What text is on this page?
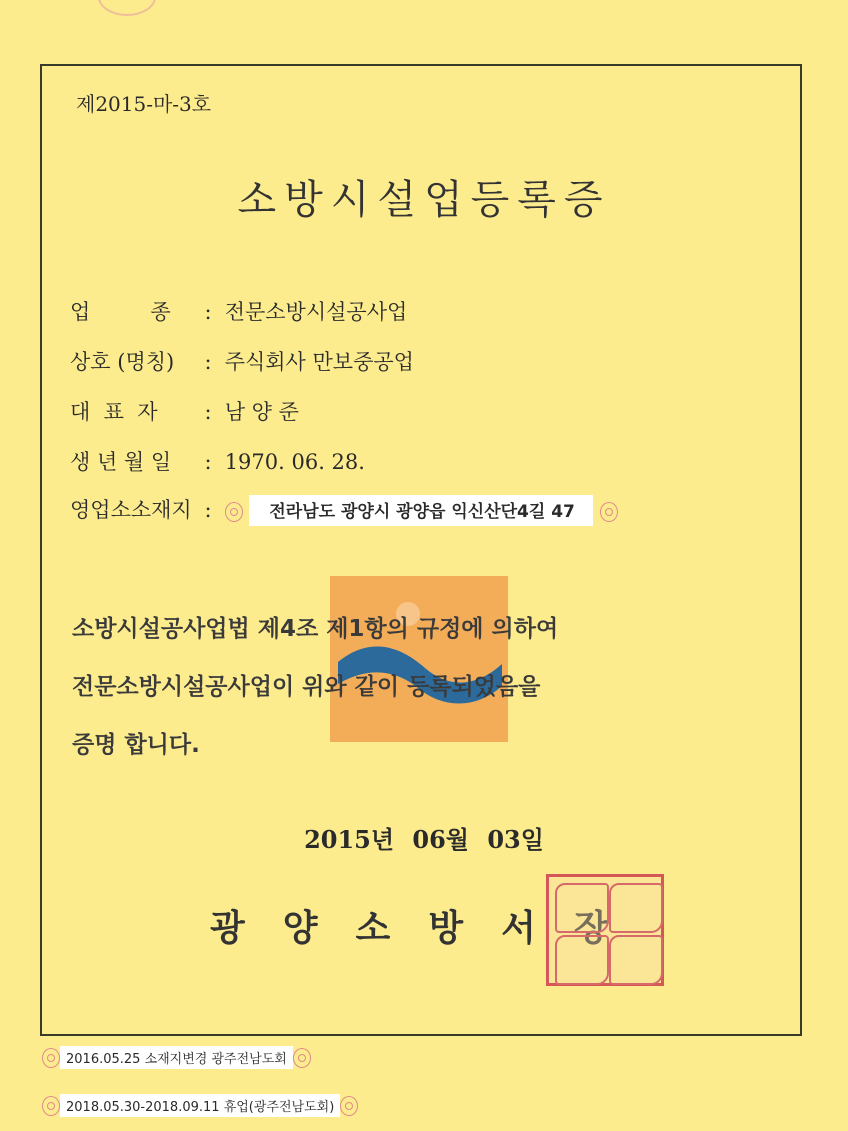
제2015-마-3호
소방시설업등록증
업         종 : 전문소방시설공사업
상호 (명칭) : 주식회사 만보중공업
대  표  자 : 남 양 준
생 년 월 일 : 1970. 06. 28.
영업소소재지 :	전라남도 광양시 광양읍 익신산단4길 47
소방시설공사업법 제4조 제1항의 규정에 의하여
전문소방시설공사업이 위와 같이 등록되었음을
증명 합니다.
2015년 06월 03일
광양소방서장
2016.05.25 소재지변경 광주전남도회
2018.05.30-2018.09.11 휴업(광주전남도회)
